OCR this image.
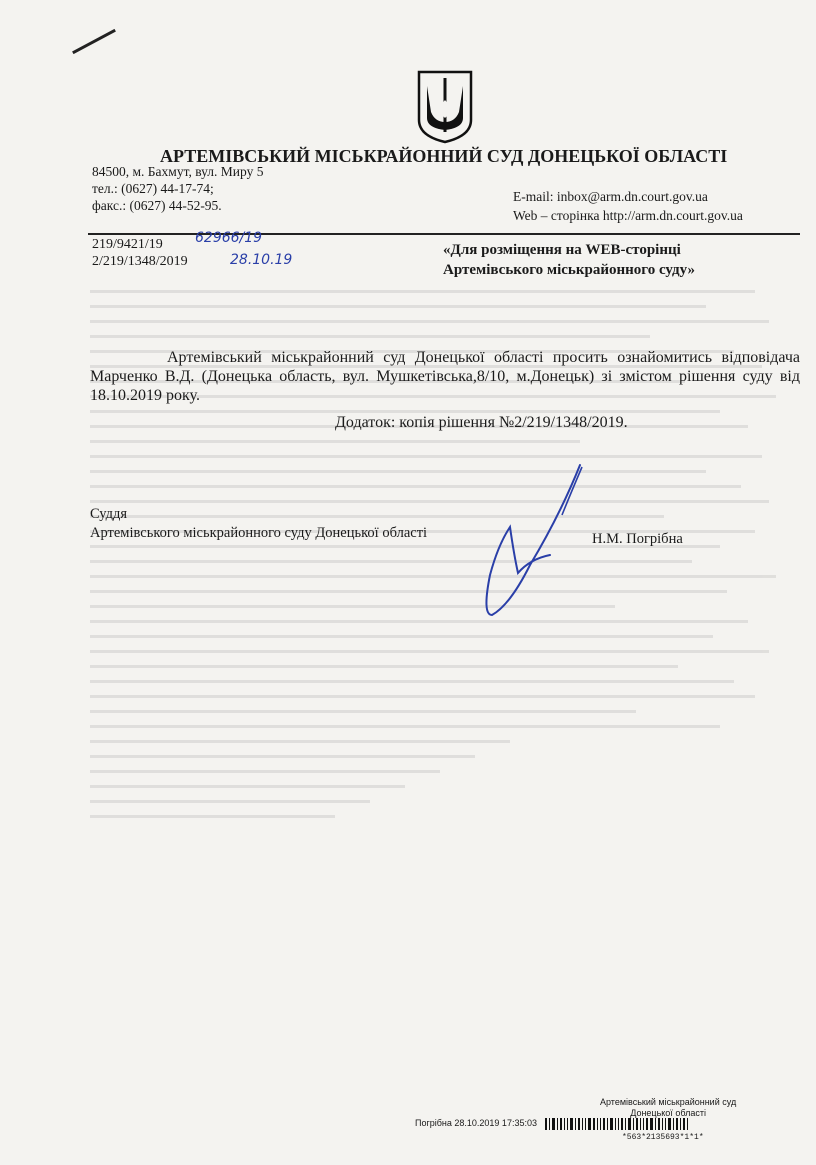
АРТЕМІВСЬКИЙ МІСЬКРАЙОННИЙ СУД ДОНЕЦЬКОЇ ОБЛАСТІ
84500, м. Бахмут, вул. Миру 5
тел.: (0627) 44-17-74;
факс.: (0627) 44-52-95.
E-mail: inbox@arm.dn.court.gov.ua
Web – сторінка http://arm.dn.court.gov.ua
219/9421/19
2/219/1348/2019
62966/19
28.10.19
«Для розміщення на WEB-сторінці
Артемівського міськрайонного суду»
Артемівський міськрайонний суд Донецької області просить ознайомитись відповідача Марченко В.Д. (Донецька область, вул. Мушкетівська,8/10, м.Донецьк) зі змістом рішення суду від 18.10.2019 року.
Додаток: копія рішення №2/219/1348/2019.
Суддя
Артемівського міськрайонного суду Донецької області	Н.М. Погрібна
Артемівський міськрайонний суд
Донецької області
Погрібна 28.10.2019 17:35:03
*563*2135693*1*1*
